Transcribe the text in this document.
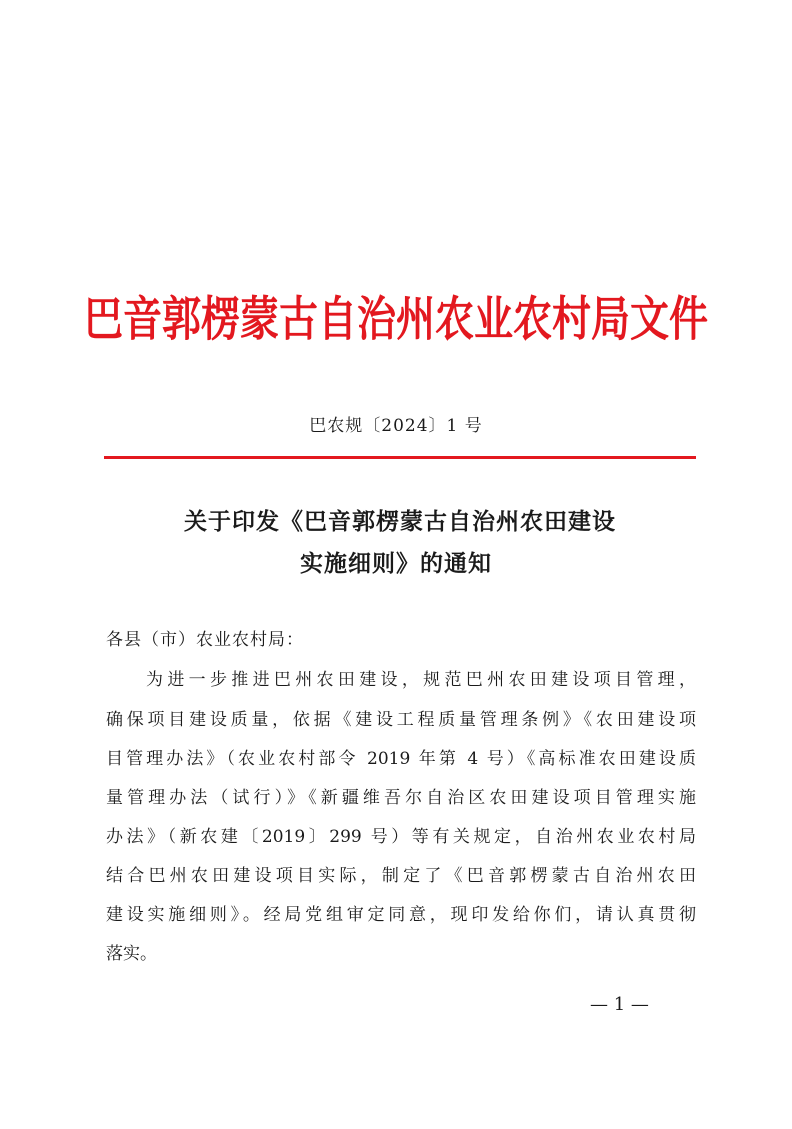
巴音郭楞蒙古自治州农业农村局文件
巴农规〔2024〕1 号
关于印发《巴音郭楞蒙古自治州农田建设
实施细则》的通知
各县（市）农业农村局：
为进一步推进巴州农田建设，规范巴州农田建设项目管理，
确保项目建设质量，依据《建设工程质量管理条例》《农田建设项
目管理办法》（农业农村部令 2019 年第 4 号）《高标准农田建设质
量管理办法（试行）》《新疆维吾尔自治区农田建设项目管理实施
办法》（新农建〔2019〕299 号）等有关规定，自治州农业农村局
结合巴州农田建设项目实际，制定了《巴音郭楞蒙古自治州农田
建设实施细则》。经局党组审定同意，现印发给你们，请认真贯彻
落实。
— 1 —
